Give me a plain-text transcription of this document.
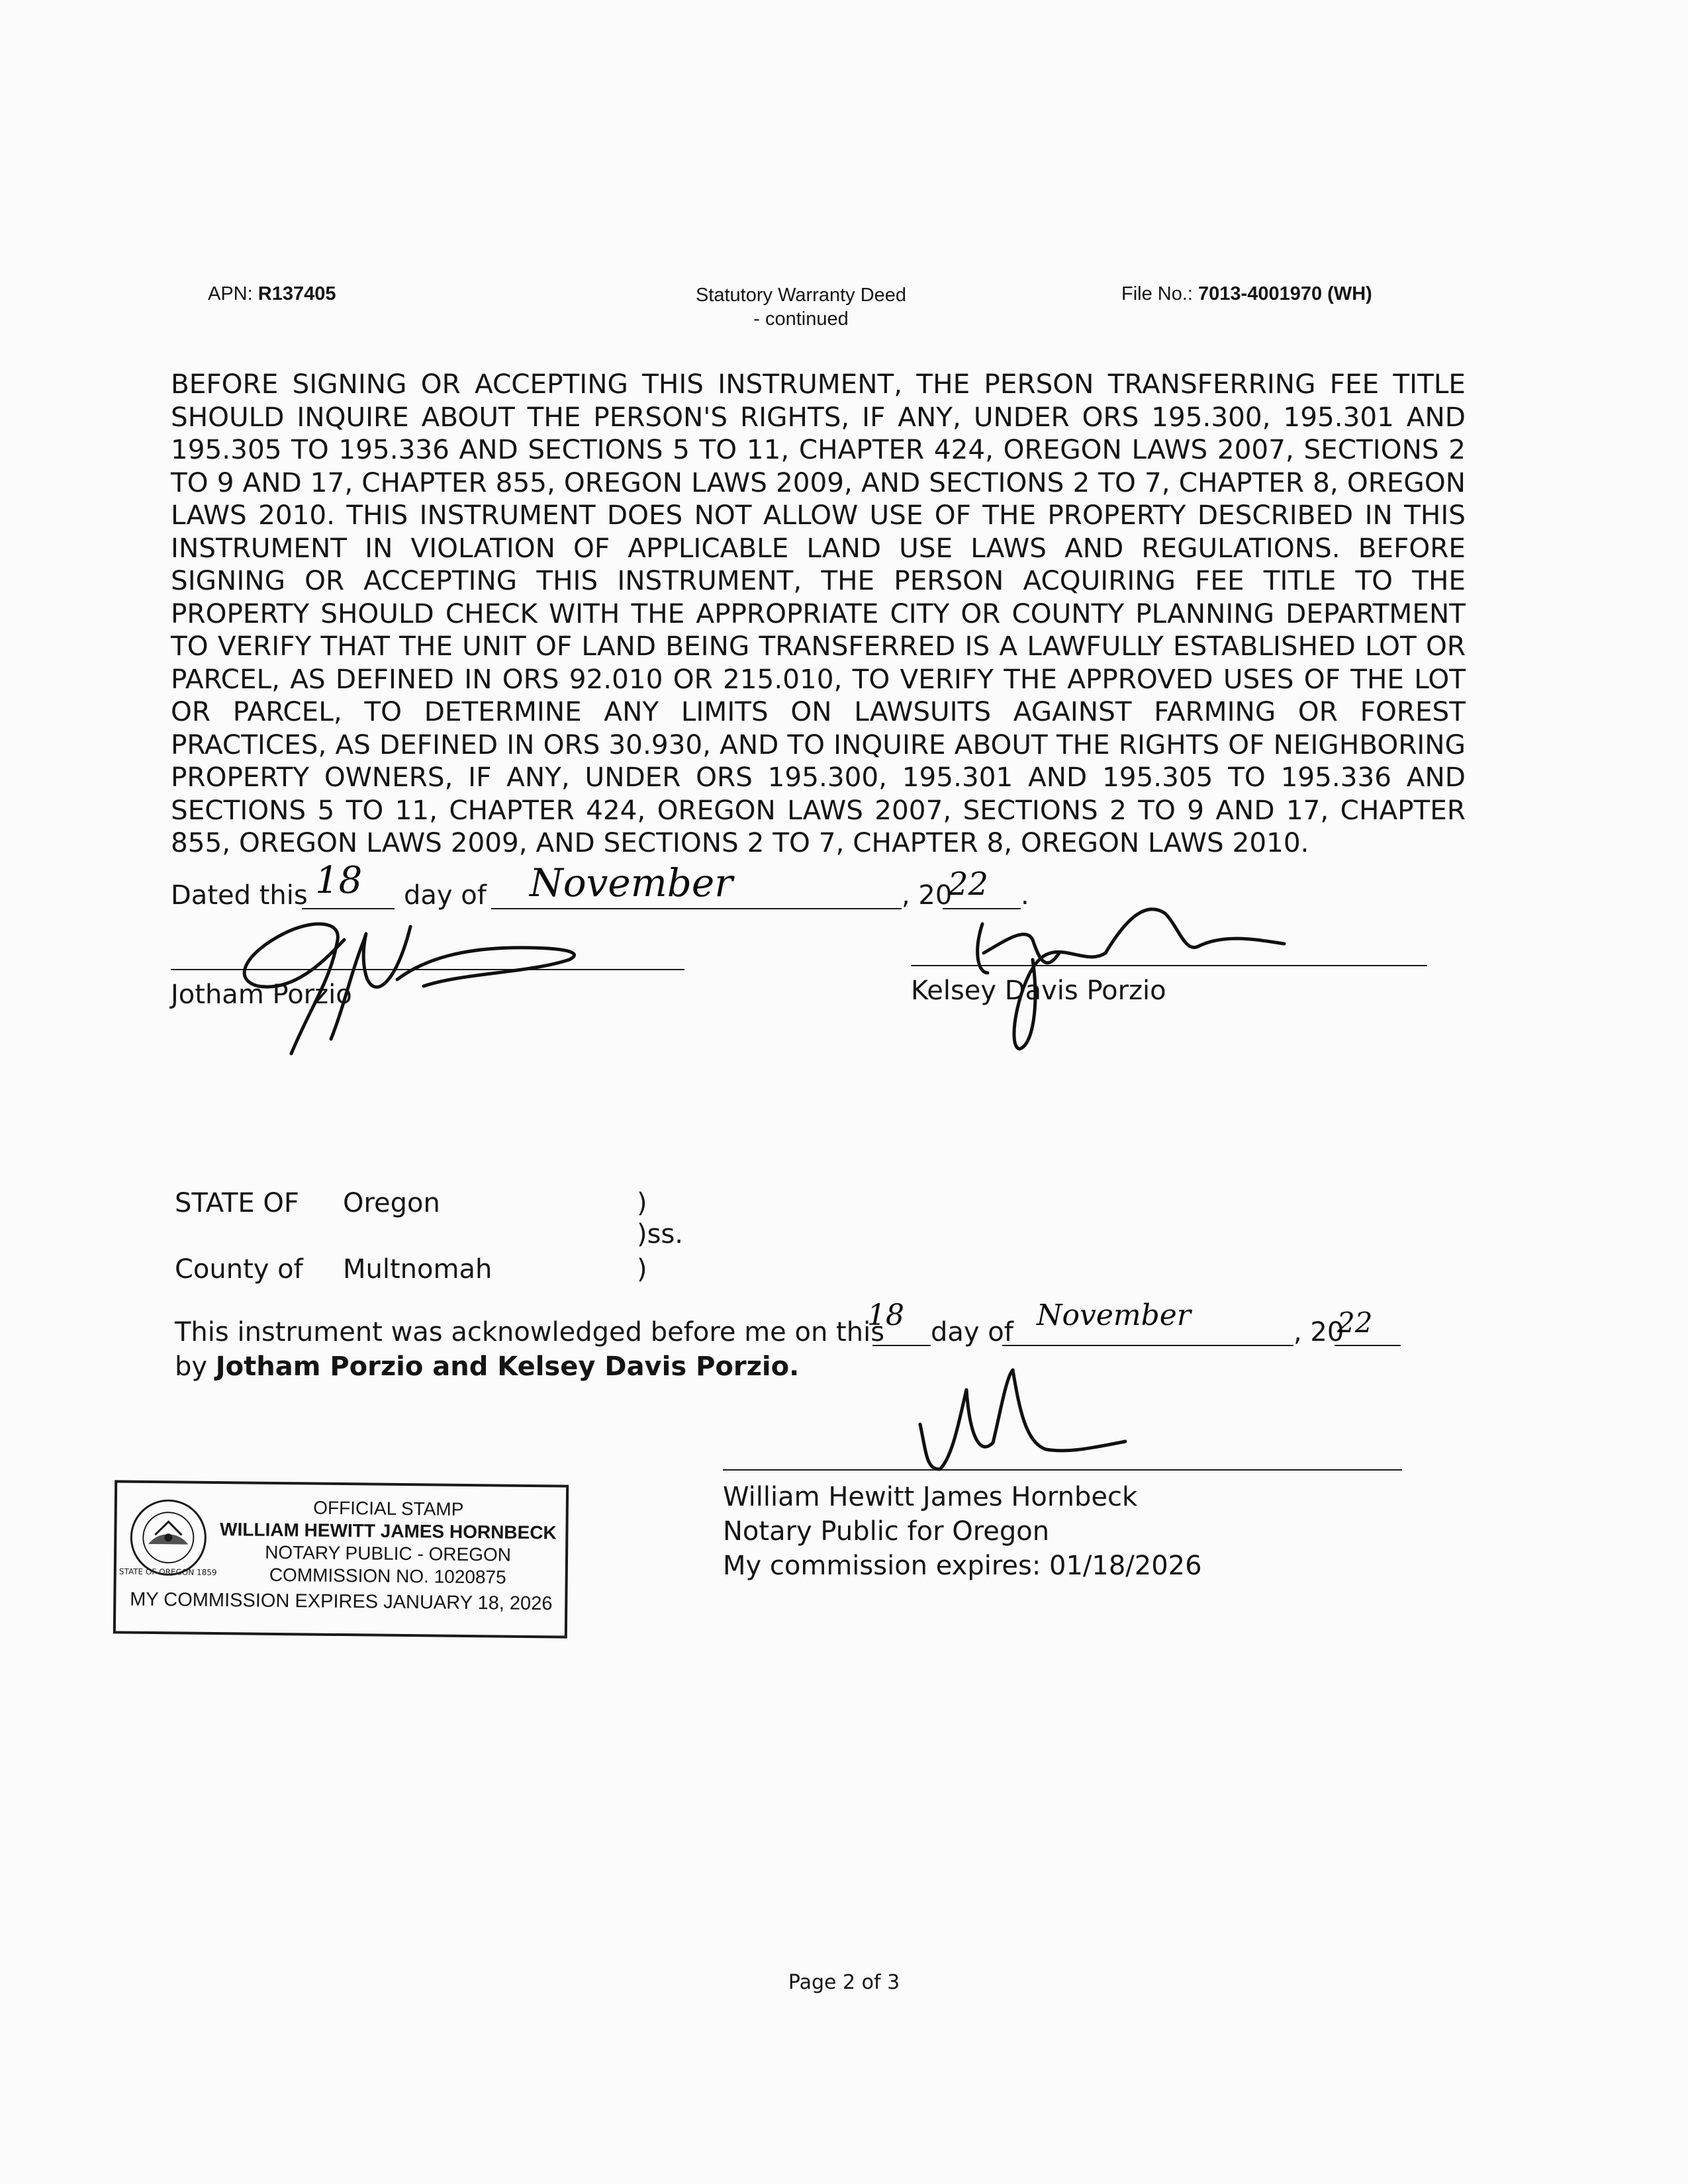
APN: R137405	Statutory Warranty Deed
- continued
File No.: 7013-4001970 (WH)

BEFORE SIGNING OR ACCEPTING THIS INSTRUMENT, THE PERSON TRANSFERRING FEE TITLE SHOULD INQUIRE ABOUT THE PERSON'S RIGHTS, IF ANY, UNDER ORS 195.300, 195.301 AND 195.305 TO 195.336 AND SECTIONS 5 TO 11, CHAPTER 424, OREGON LAWS 2007, SECTIONS 2 TO 9 AND 17, CHAPTER 855, OREGON LAWS 2009, AND SECTIONS 2 TO 7, CHAPTER 8, OREGON LAWS 2010. THIS INSTRUMENT DOES NOT ALLOW USE OF THE PROPERTY DESCRIBED IN THIS INSTRUMENT IN VIOLATION OF APPLICABLE LAND USE LAWS AND REGULATIONS. BEFORE SIGNING OR ACCEPTING THIS INSTRUMENT, THE PERSON ACQUIRING FEE TITLE TO THE PROPERTY SHOULD CHECK WITH THE APPROPRIATE CITY OR COUNTY PLANNING DEPARTMENT TO VERIFY THAT THE UNIT OF LAND BEING TRANSFERRED IS A LAWFULLY ESTABLISHED LOT OR PARCEL, AS DEFINED IN ORS 92.010 OR 215.010, TO VERIFY THE APPROVED USES OF THE LOT OR PARCEL, TO DETERMINE ANY LIMITS ON LAWSUITS AGAINST FARMING OR FOREST PRACTICES, AS DEFINED IN ORS 30.930, AND TO INQUIRE ABOUT THE RIGHTS OF NEIGHBORING PROPERTY OWNERS, IF ANY, UNDER ORS 195.300, 195.301 AND 195.305 TO 195.336 AND SECTIONS 5 TO 11, CHAPTER 424, OREGON LAWS 2007, SECTIONS 2 TO 9 AND 17, CHAPTER 855, OREGON LAWS 2009, AND SECTIONS 2 TO 7, CHAPTER 8, OREGON LAWS 2010.

Dated this 18 day of November	, 20
22 .
Jotham Porzio	Kelsey Davis Porzio
STATE OF Oregon	)
)ss.
County of Multnomah	)
This instrument was acknowledged before me on this
18 day of November	, 20
22
by Jotham Porzio and Kelsey Davis Porzio.
William Hewitt James Hornbeck
Notary Public for Oregon
My commission expires: 01/18/2026
STATE OF OREGON 1859
OFFICIAL STAMP
WILLIAM HEWITT JAMES HORNBECK
NOTARY PUBLIC - OREGON
COMMISSION NO. 1020875
MY COMMISSION EXPIRES JANUARY 18, 2026
Page 2 of 3
